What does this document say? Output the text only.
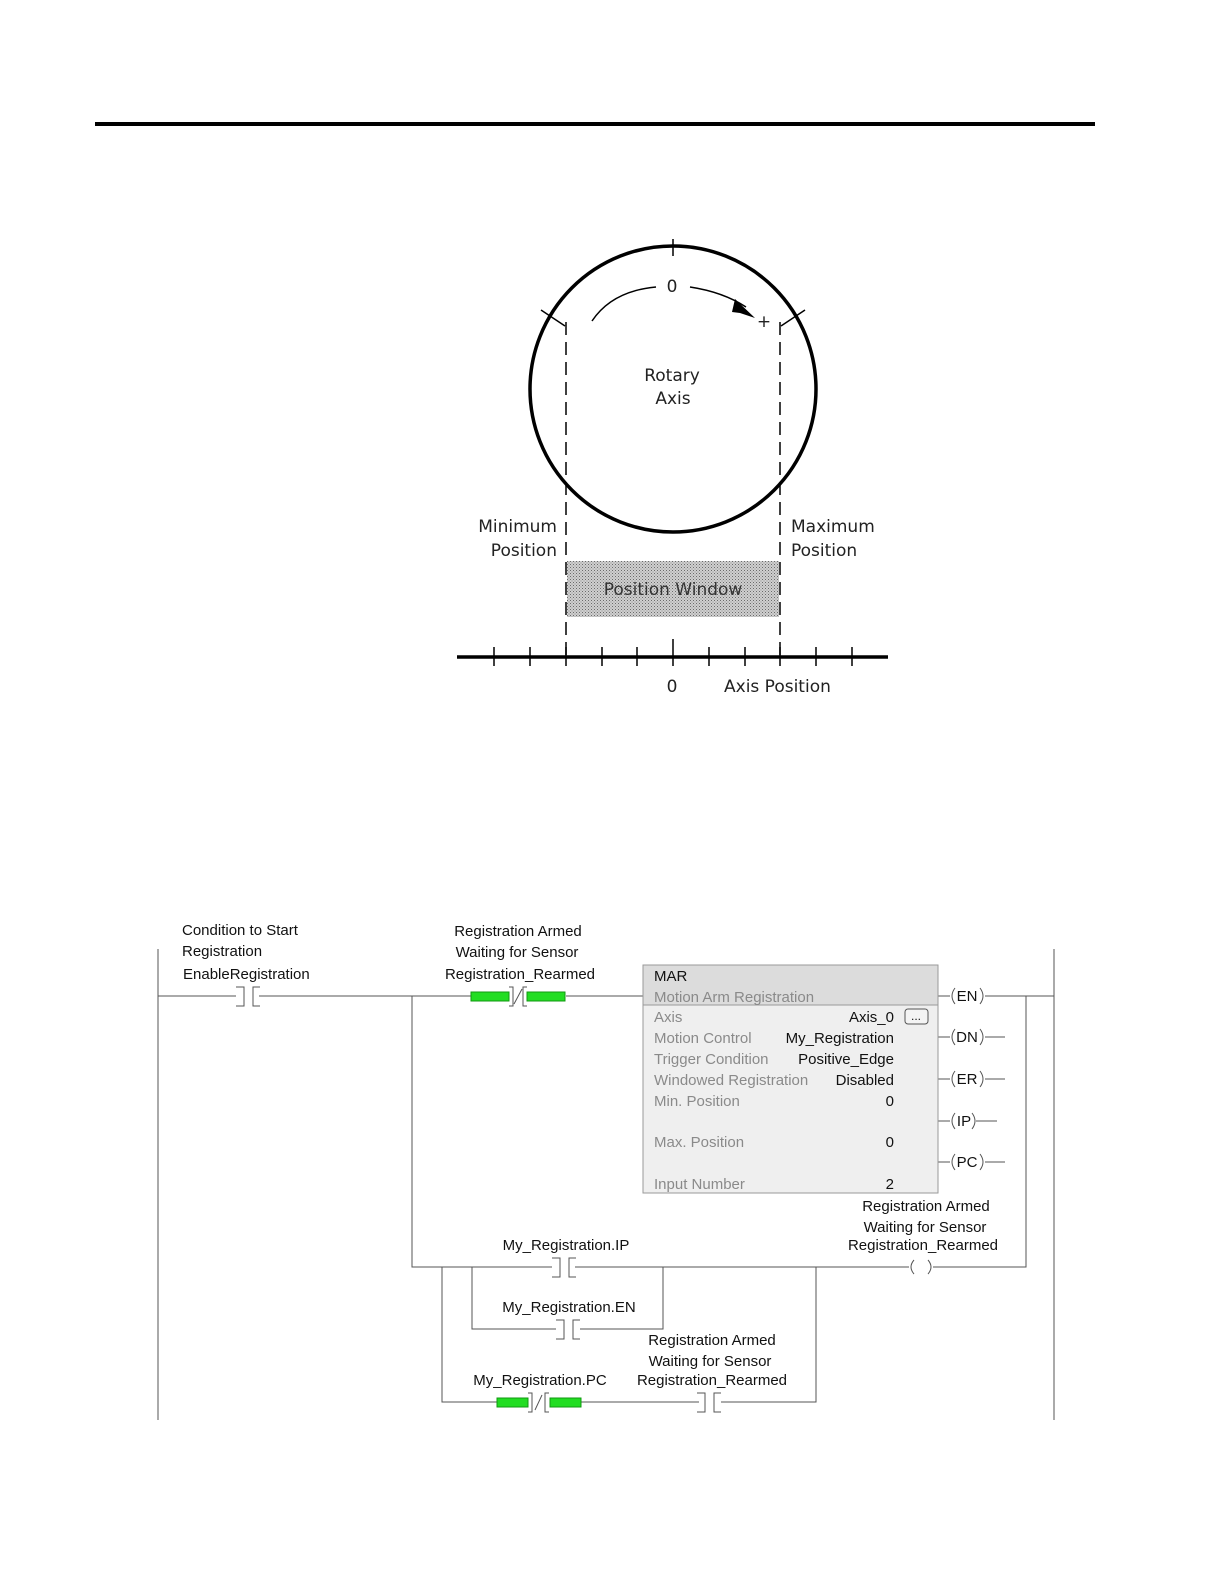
0
+
Rotary
Axis
Minimum
Position
Maximum
Position
Position Window
0	Axis Position
Condition to Start
Registration
EnableRegistration
Registration Armed
Waiting for Sensor
Registration_Rearmed	MAR
Motion Arm Registration
Axis	Axis_0 ...
Motion Control My_Registration
Trigger Condition Positive_Edge
Windowed Registration Disabled
Min. Position	0
Max. Position	0
Input Number	2
EN
DN
ER
IP
PC
Registration Armed
Waiting for Sensor
Registration_Rearmed
My_Registration.IP
My_Registration.EN
My_Registration.PC
Registration Armed
Waiting for Sensor
Registration_Rearmed
